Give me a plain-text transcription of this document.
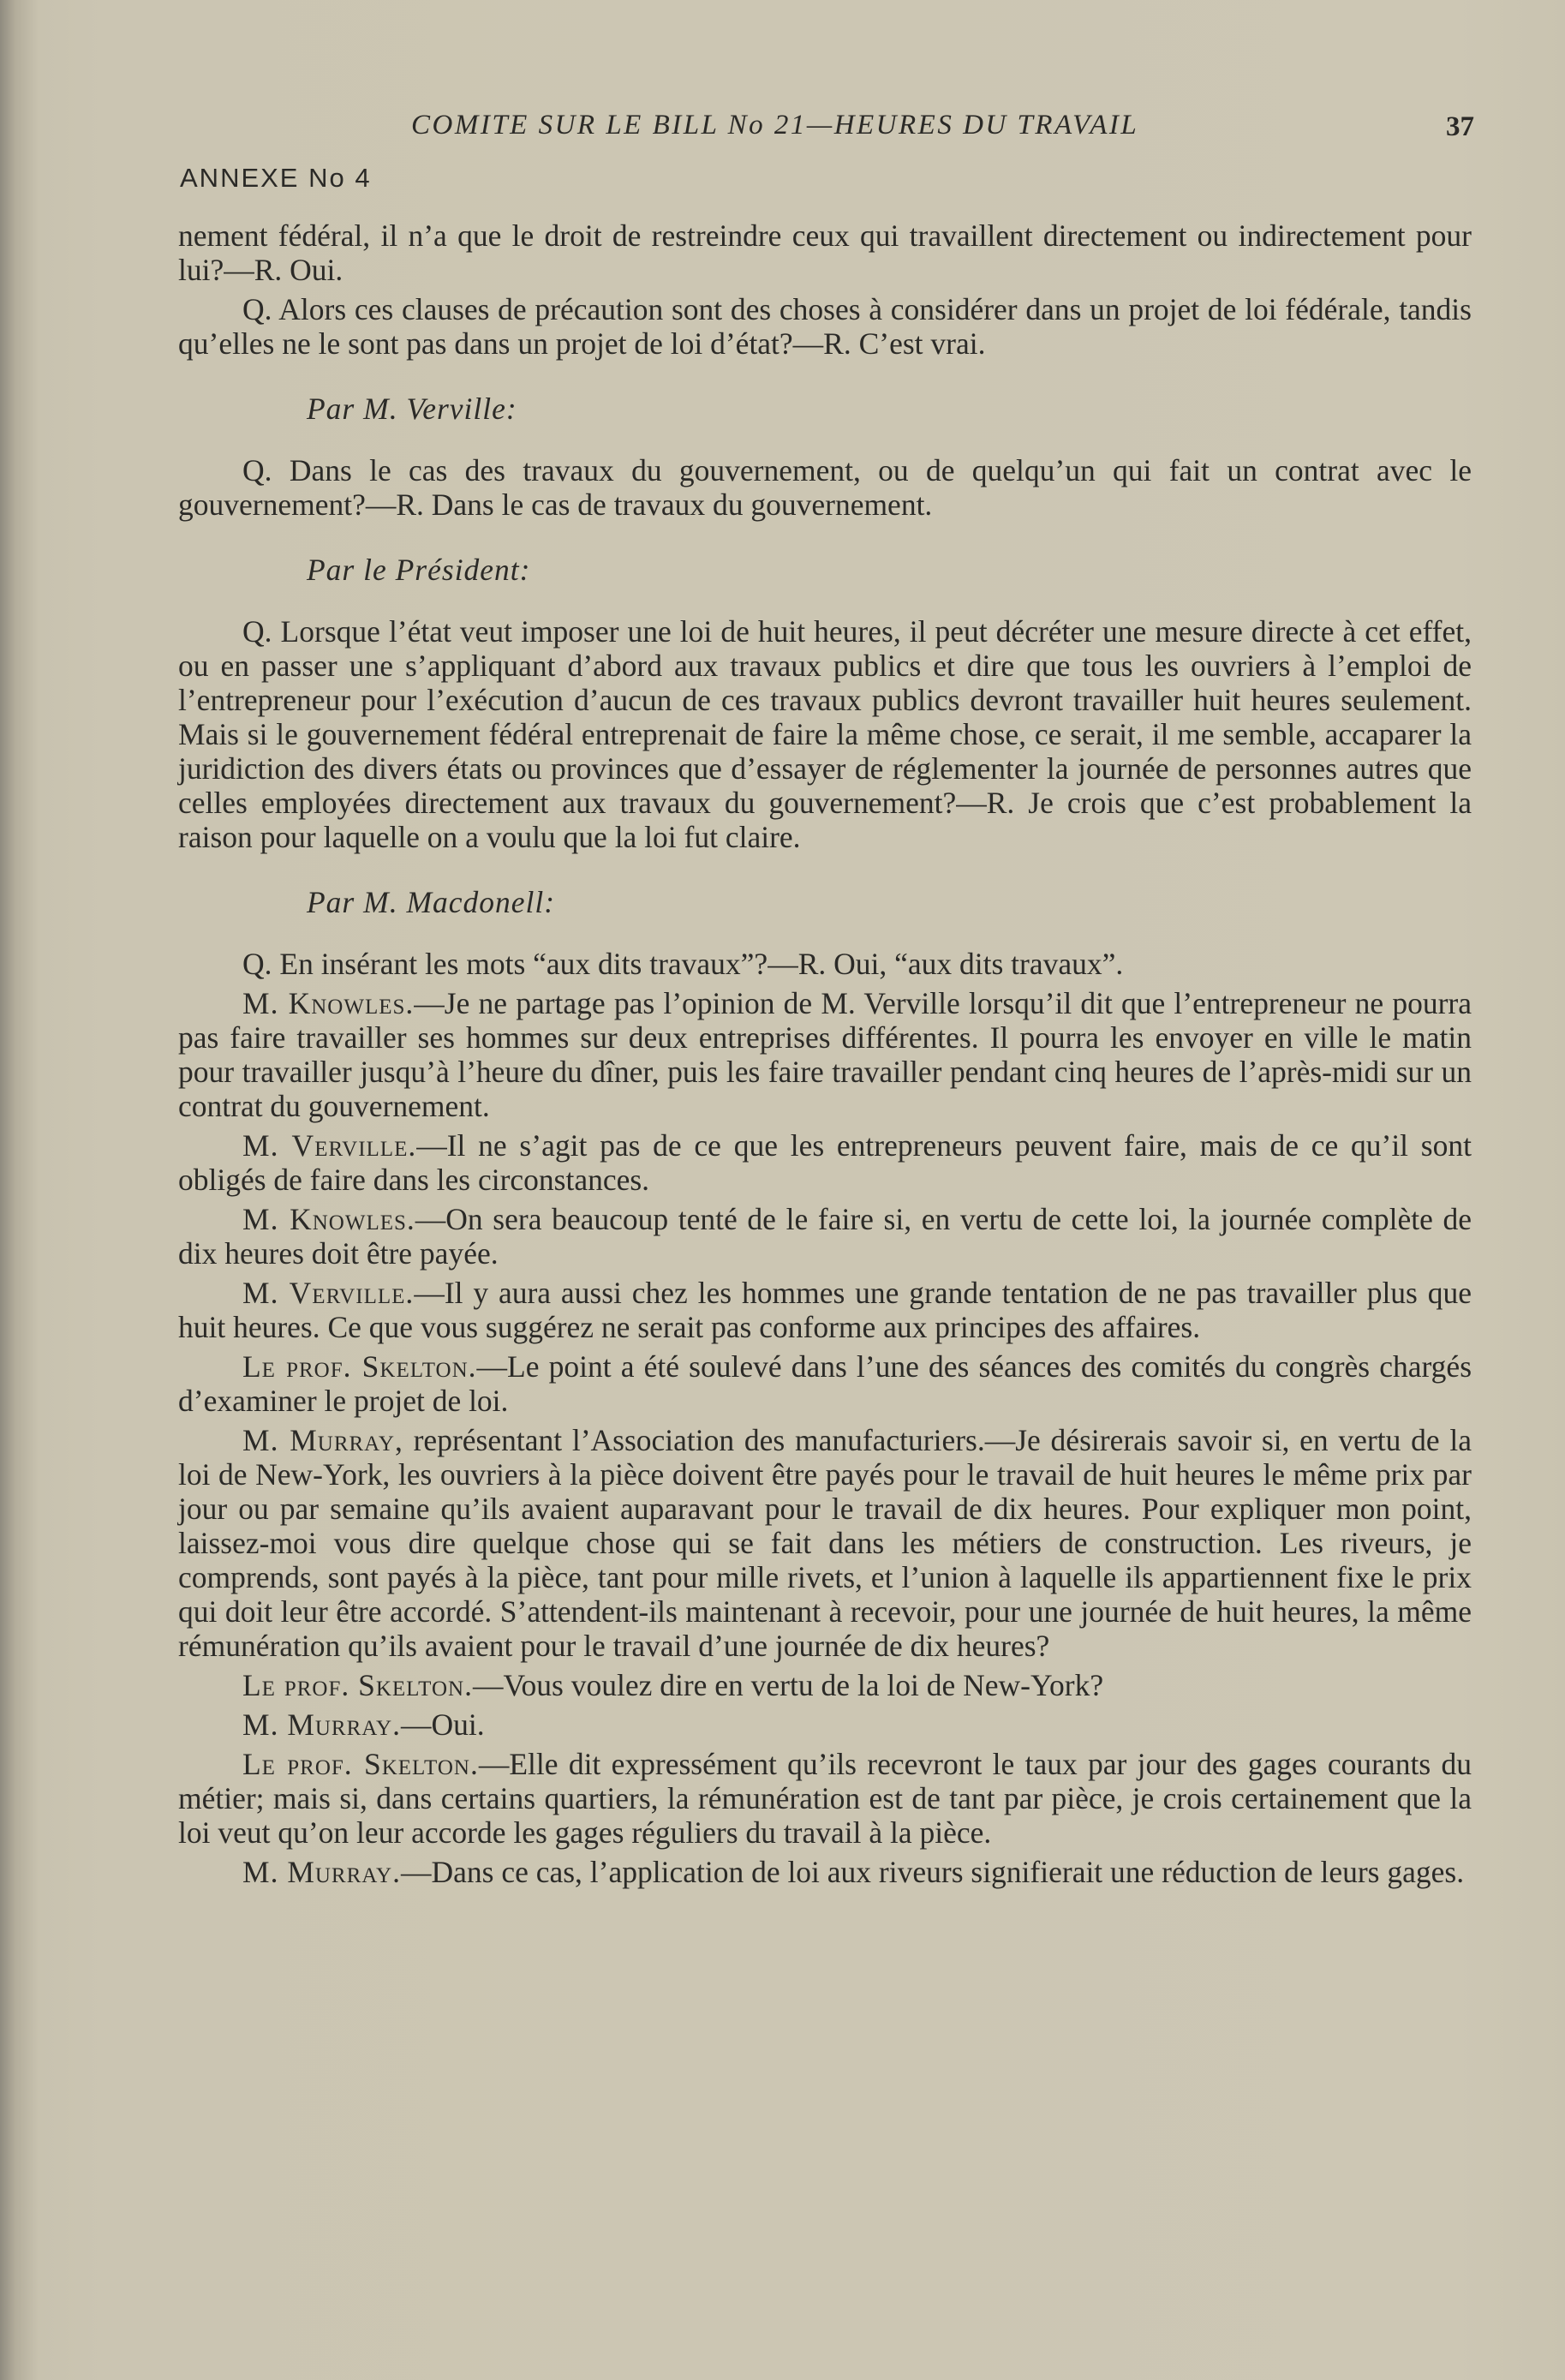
COMITE SUR LE BILL No 21—HEURES DU TRAVAIL	37
ANNEXE No 4

nement fédéral, il n’a que le droit de restreindre ceux qui travaillent directement ou indirectement pour lui?—R. Oui.

Q. Alors ces clauses de précaution sont des choses à considérer dans un projet de loi fédérale, tandis qu’elles ne le sont pas dans un projet de loi d’état?—R. C’est vrai.

Par M. Verville:

Q. Dans le cas des travaux du gouvernement, ou de quelqu’un qui fait un contrat avec le gouvernement?—R. Dans le cas de travaux du gouvernement.

Par le Président:

Q. Lorsque l’état veut imposer une loi de huit heures, il peut décréter une mesure directe à cet effet, ou en passer une s’appliquant d’abord aux travaux publics et dire que tous les ouvriers à l’emploi de l’entrepreneur pour l’exécution d’aucun de ces travaux publics devront travailler huit heures seulement. Mais si le gouvernement fédéral entreprenait de faire la même chose, ce serait, il me semble, accaparer la juridiction des divers états ou provinces que d’essayer de réglementer la journée de personnes autres que celles employées directement aux travaux du gouvernement?—R. Je crois que c’est probablement la raison pour laquelle on a voulu que la loi fut claire.

Par M. Macdonell:

Q. En insérant les mots “aux dits travaux”?—R. Oui, “aux dits travaux”.

M. Knowles.—Je ne partage pas l’opinion de M. Verville lorsqu’il dit que l’entrepreneur ne pourra pas faire travailler ses hommes sur deux entreprises différentes. Il pourra les envoyer en ville le matin pour travailler jusqu’à l’heure du dîner, puis les faire travailler pendant cinq heures de l’après-midi sur un contrat du gouvernement.

M. Verville.—Il ne s’agit pas de ce que les entrepreneurs peuvent faire, mais de ce qu’il sont obligés de faire dans les circonstances.

M. Knowles.—On sera beaucoup tenté de le faire si, en vertu de cette loi, la journée complète de dix heures doit être payée.

M. Verville.—Il y aura aussi chez les hommes une grande tentation de ne pas travailler plus que huit heures. Ce que vous suggérez ne serait pas conforme aux principes des affaires.

Le prof. Skelton.—Le point a été soulevé dans l’une des séances des comités du congrès chargés d’examiner le projet de loi.

M. Murray, représentant l’Association des manufacturiers.—Je désirerais savoir si, en vertu de la loi de New-York, les ouvriers à la pièce doivent être payés pour le travail de huit heures le même prix par jour ou par semaine qu’ils avaient auparavant pour le travail de dix heures. Pour expliquer mon point, laissez-moi vous dire quelque chose qui se fait dans les métiers de construction. Les riveurs, je comprends, sont payés à la pièce, tant pour mille rivets, et l’union à laquelle ils appartiennent fixe le prix qui doit leur être accordé. S’attendent-ils maintenant à recevoir, pour une journée de huit heures, la même rémunération qu’ils avaient pour le travail d’une journée de dix heures?

Le prof. Skelton.—Vous voulez dire en vertu de la loi de New-York?

M. Murray.—Oui.

Le prof. Skelton.—Elle dit expressément qu’ils recevront le taux par jour des gages courants du métier; mais si, dans certains quartiers, la rémunération est de tant par pièce, je crois certainement que la loi veut qu’on leur accorde les gages réguliers du travail à la pièce.

M. Murray.—Dans ce cas, l’application de loi aux riveurs signifierait une réduction de leurs gages.
